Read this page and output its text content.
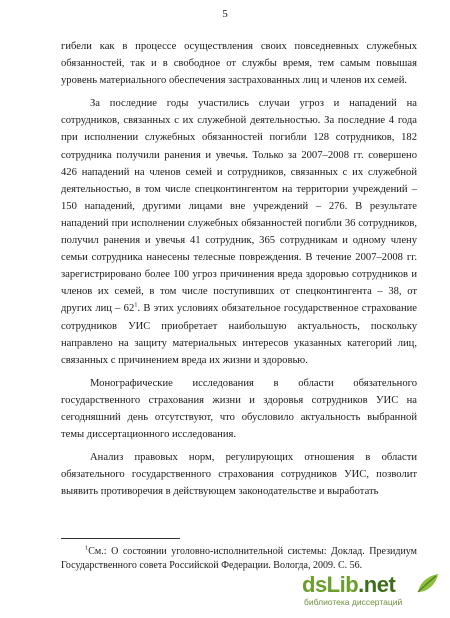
5

гибели как в процессе осуществления своих повседневных служебных обязанностей, так и в свободное от службы время, тем самым повышая уровень материального обеспечения застрахованных лиц и членов их семей.

За последние годы участились случаи угроз и нападений на сотрудников, связанных с их служебной деятельностью. За последние 4 года при исполнении служебных обязанностей погибли 128 сотрудников, 182 сотрудника получили ранения и увечья. Только за 2007–2008 гг. совершено 426 нападений на членов семей и сотрудников, связанных с их служебной деятельностью, в том числе спецконтингентом на территории учреждений – 150 нападений, другими лицами вне учреждений – 276. В результате нападений при исполнении служебных обязанностей погибли 36 сотрудников, получил ранения и увечья 41 сотрудник, 365 сотрудникам и одному члену семьи сотрудника нанесены телесные повреждения. В течение 2007–2008 гг. зарегистрировано более 100 угроз причинения вреда здоровью сотрудников и членов их семей, в том числе поступивших от спецконтингента – 38, от других лиц – $62^1$. В этих условиях обязательное государственное страхование сотрудников УИС приобретает наибольшую актуальность, поскольку направлено на защиту материальных интересов указанных категорий лиц, связанных с причинением вреда их жизни и здоровью.

Монографические исследования в области обязательного государственного страхования жизни и здоровья сотрудников УИС на сегодняшний день отсутствуют, что обусловило актуальность выбранной темы диссертационного исследования.

Анализ правовых норм, регулирующих отношения в области обязательного государственного страхования сотрудников УИС, позволит выявить противоречия в действующем законодательстве и выработать

$^1$См.: О состоянии уголовно-исполнительной системы: Доклад. Президиум Государственного совета Российской Федерации. Вологда, 2009. С. 56.

dsLib.net
библиотека диссертаций
